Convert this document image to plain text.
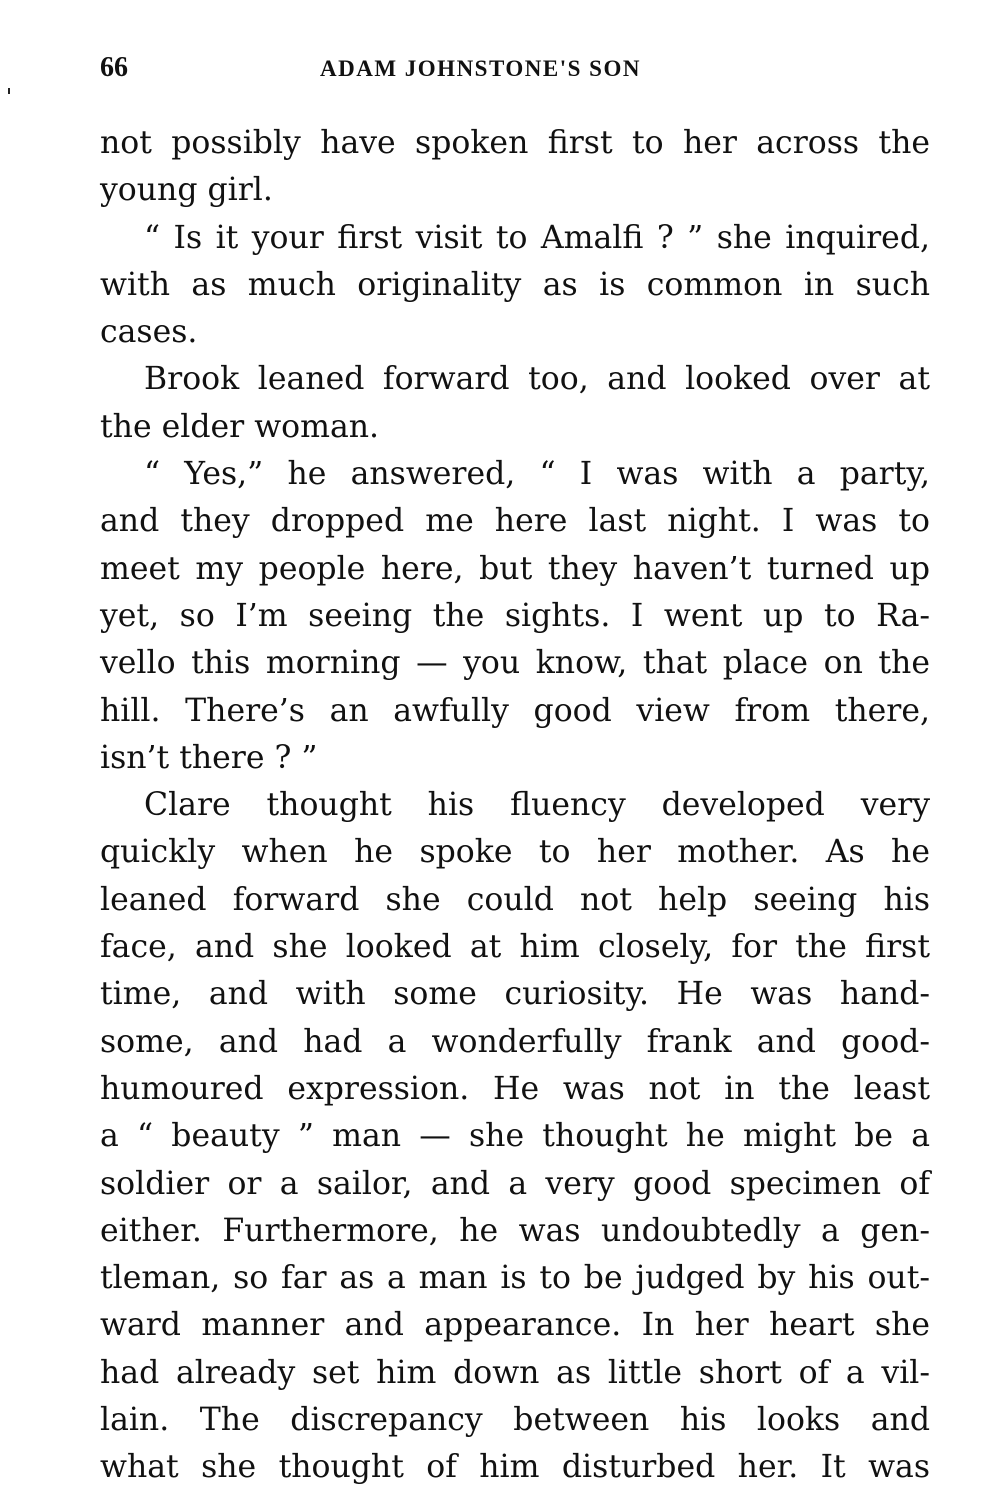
66	ADAM JOHNSTONE'S SON
not possibly have spoken first to her across the
young girl.
“ Is it your first visit to Amalfi ? ” she inquired,
with as much originality as is common in such
cases.
Brook leaned forward too, and looked over at
the elder woman.
“ Yes,” he answered, “ I was with a party,
and they dropped me here last night. I was to
meet my people here, but they haven’t turned up
yet, so I’m seeing the sights. I went up to Ra-
vello this morning — you know, that place on the
hill. There’s an awfully good view from there,
isn’t there ? ”
Clare thought his fluency developed very
quickly when he spoke to her mother. As he
leaned forward she could not help seeing his
face, and she looked at him closely, for the first
time, and with some curiosity. He was hand-
some, and had a wonderfully frank and good-
humoured expression. He was not in the least
a “ beauty ” man — she thought he might be a
soldier or a sailor, and a very good specimen of
either. Furthermore, he was undoubtedly a gen-
tleman, so far as a man is to be judged by his out-
ward manner and appearance. In her heart she
had already set him down as little short of a vil-
lain. The discrepancy between his looks and
what she thought of him disturbed her. It was
